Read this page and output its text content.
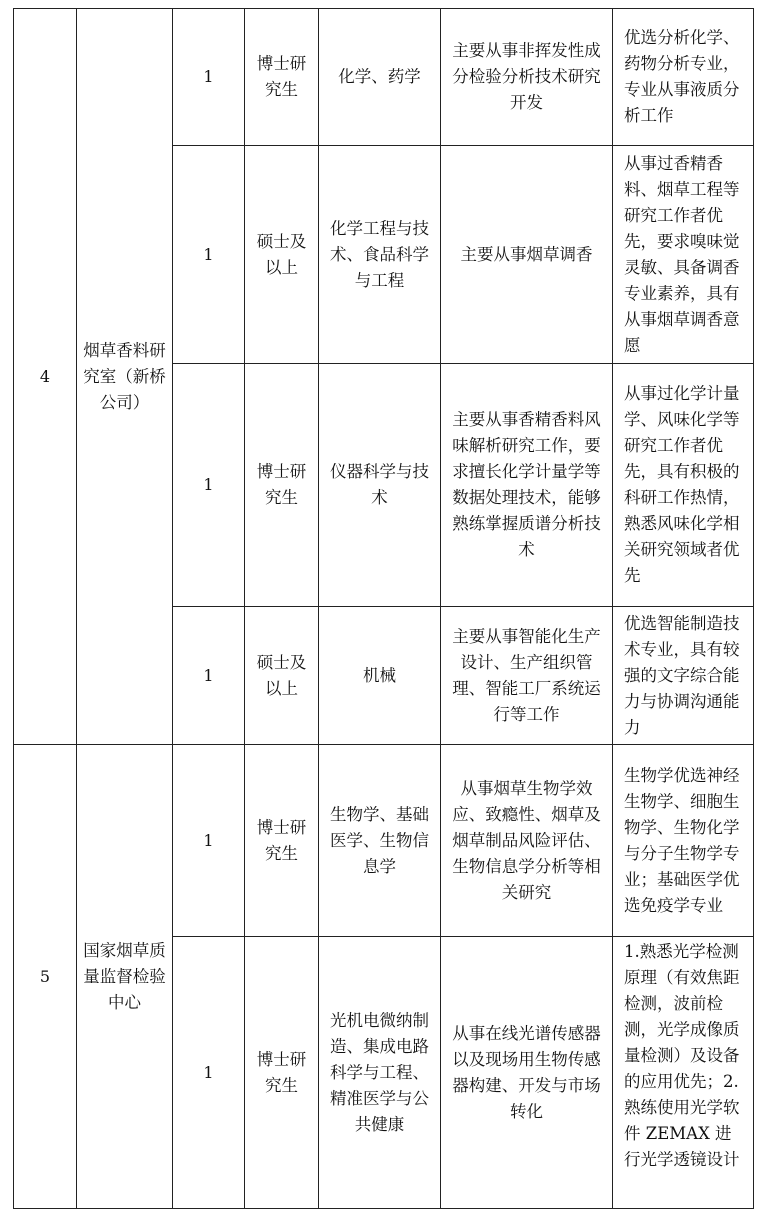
4	烟草香料研究室（新桥公司）	1	博士研究生	化学、药学	主要从事非挥发性成分检验分析技术研究开发	优选分析化学、药物分析专业，专业从事液质分析工作
		1	硕士及以上	化学工程与技术、食品科学与工程	主要从事烟草调香	从事过香精香料、烟草工程等研究工作者优先，要求嗅味觉灵敏、具备调香专业素养，具有从事烟草调香意愿
		1	博士研究生	仪器科学与技术	主要从事香精香料风味解析研究工作，要求擅长化学计量学等数据处理技术，能够熟练掌握质谱分析技术	从事过化学计量学、风味化学等研究工作者优先，具有积极的科研工作热情，熟悉风味化学相关研究领域者优先
		1	硕士及以上	机械	主要从事智能化生产设计、生产组织管理、智能工厂系统运行等工作	优选智能制造技术专业，具有较强的文字综合能力与协调沟通能力
5	国家烟草质量监督检验中心	1	博士研究生	生物学、基础医学、生物信息学	从事烟草生物学效应、致瘾性、烟草及烟草制品风险评估、生物信息学分析等相关研究	生物学优选神经生物学、细胞生物学、生物化学与分子生物学专业；基础医学优选免疫学专业
		1	博士研究生	光机电微纳制造、集成电路科学与工程、精准医学与公共健康	从事在线光谱传感器以及现场用生物传感器构建、开发与市场转化	1.熟悉光学检测原理（有效焦距检测，波前检测，光学成像质量检测）及设备的应用优先；2.熟练使用光学软件 ZEMAX 进行光学透镜设计
